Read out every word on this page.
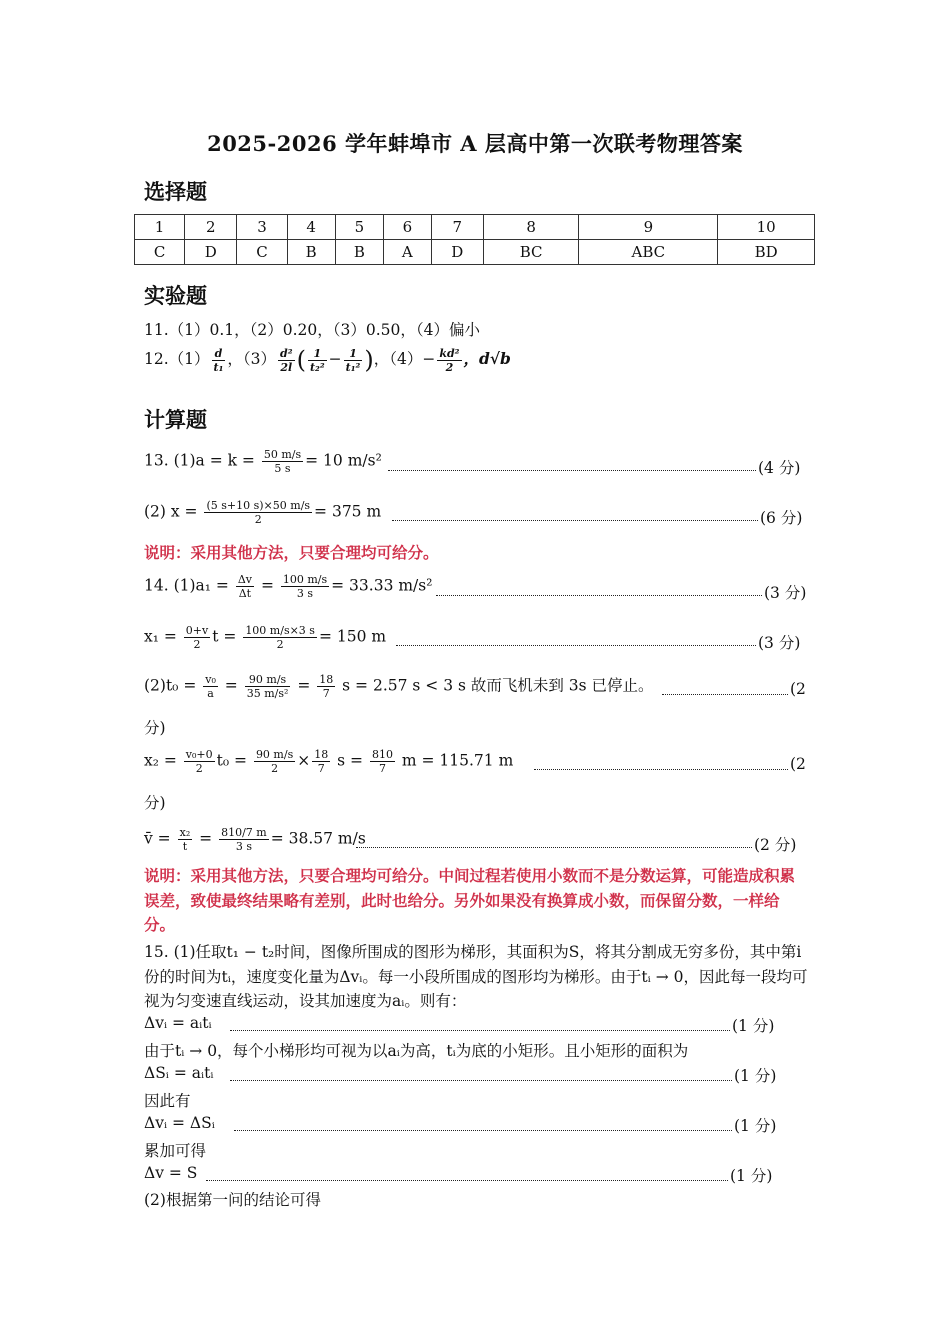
2025-2026 学年蚌埠市 A 层高中第一次联考物理答案
选择题
1	2	3	4	5	6	7	8	9	10
C	D	C	B	B	A	D	BC	ABC	BD
实验题
11.（1）0.1，（2）0.20，（3）0.50，（4）偏小
$12.(1) \frac{d}{\text{t₁}}$ ，$(3) \frac{\text{d²}}{2l}$ ( $\frac{1}{\text{t₂²}} - \frac{1}{\text{t₁²}}$ )，$(4)- \frac{\text{kd²}}{2}$ ，d√b
计算题
13. $(1)a = k = \frac{50 m/s}{5 s} = 10$ m/s²	(4 分)
(2) $x = \frac{(5 s+10 s)\times 50 m/s}{2} = 375$ m	(6 分)
说明：采用其他方法，只要合理均可给分。
14. $(1)a_1 = \frac{\Delta v}{\Delta t} = \frac{100 m/s}{3 s} = 33.33$ m/s²	(3 分)
$x_1 = \frac{0+v}{2}$ $t = \frac{100 m/s\times 3 s}{2} = 150$ m	(3 分)
$(2)t_0 = \frac{\text{v₀}}{a} = \frac{90 m/s}{\text{35 m/s²}} = \frac{18}{7}$ s = 2.57 s < 3 s 故而飞机未到 3s 已停止。	(2
分)
$x_2 = \frac{\text{v₀+0}}{2} t_0 = \frac{90 m/s}{2} \times \frac{18}{7}$ $s = \frac{810}{7}$ m = 115.71 m	(2
分)
v̄ = $\frac{\text{x₂}}{t} = \frac{810/7 m}{3 s} = 38.57$ m/s	(2 分)
说明：采用其他方法，只要合理均可给分。中间过程若使用小数而不是分数运算，可能造成积累误差，致使最终结果略有差别，此时也给分。另外如果没有换算成小数，而保留分数，一样给分。
15. (1)任取t₁ − t₂时间，图像所围成的图形为梯形，其面积为S，将其分割成无穷多份，其中第i份的时间为tᵢ，速度变化量为Δvᵢ。每一小段所围成的图形均为梯形。由于tᵢ → 0，因此每一段均可视为匀变速直线运动，设其加速度为aᵢ。则有：
Δvᵢ = aᵢtᵢ	(1 分)
由于tᵢ → 0，每个小梯形均可视为以aᵢ为高，tᵢ为底的小矩形。且小矩形的面积为
ΔSᵢ = aᵢtᵢ	(1 分)
因此有
Δvᵢ = ΔSᵢ	(1 分)
累加可得
Δv = S	(1 分)
(2)根据第一问的结论可得
